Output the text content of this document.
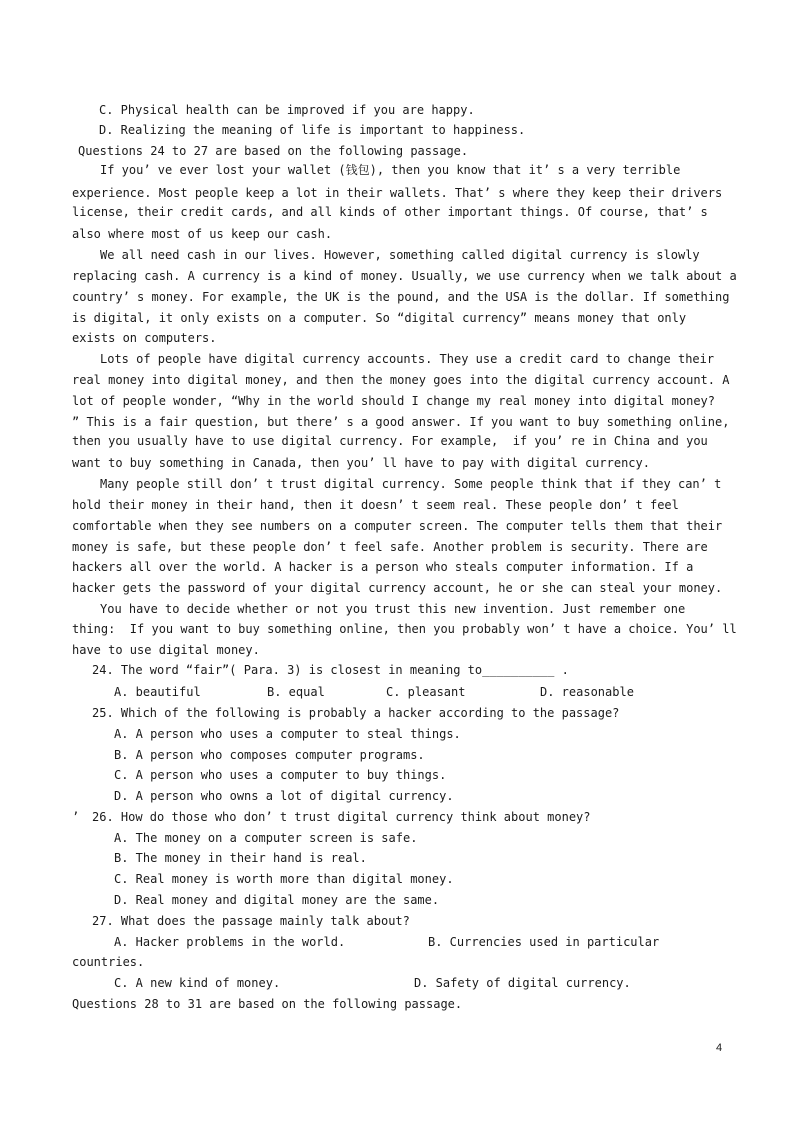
C. Physical health can be improved if you are happy.
D. Realizing the meaning of life is important to happiness.
Questions 24 to 27 are based on the following passage.
If you’ ve ever lost your wallet (钱包), then you know that it’ s a very terrible
experience. Most people keep a lot in their wallets. That’ s where they keep their drivers
license, their credit cards, and all kinds of other important things. Of course, that’ s
also where most of us keep our cash.
We all need cash in our lives. However, something called digital currency is slowly
replacing cash. A currency is a kind of money. Usually, we use currency when we talk about a
country’ s money. For example, the UK is the pound, and the USA is the dollar. If something
is digital, it only exists on a computer. So “digital currency” means money that only
exists on computers.
Lots of people have digital currency accounts. They use a credit card to change their
real money into digital money, and then the money goes into the digital currency account. A
lot of people wonder, “Why in the world should I change my real money into digital money?
” This is a fair question, but there’ s a good answer. If you want to buy something online,
then you usually have to use digital currency. For example,  if you’ re in China and you
want to buy something in Canada, then you’ ll have to pay with digital currency.
Many people still don’ t trust digital currency. Some people think that if they can’ t
hold their money in their hand, then it doesn’ t seem real. These people don’ t feel
comfortable when they see numbers on a computer screen. The computer tells them that their
money is safe, but these people don’ t feel safe. Another problem is security. There are
hackers all over the world. A hacker is a person who steals computer information. If a
hacker gets the password of your digital currency account, he or she can steal your money.
You have to decide whether or not you trust this new invention. Just remember one
thing:  If you want to buy something online, then you probably won’ t have a choice. You’ ll
have to use digital money.
24. The word “fair”( Para. 3) is closest in meaning to__________ .
A. beautiful	B. equal	C. pleasant	D. reasonable
25. Which of the following is probably a hacker according to the passage?
A. A person who uses a computer to steal things.
B. A person who composes computer programs.
C. A person who uses a computer to buy things.
D. A person who owns a lot of digital currency.
’ 26. How do those who don’ t trust digital currency think about money?
A. The money on a computer screen is safe.
B. The money in their hand is real.
C. Real money is worth more than digital money.
D. Real money and digital money are the same.
27. What does the passage mainly talk about?
A. Hacker problems in the world.	B. Currencies used in particular
countries.
C. A new kind of money.	D. Safety of digital currency.
Questions 28 to 31 are based on the following passage.
4
